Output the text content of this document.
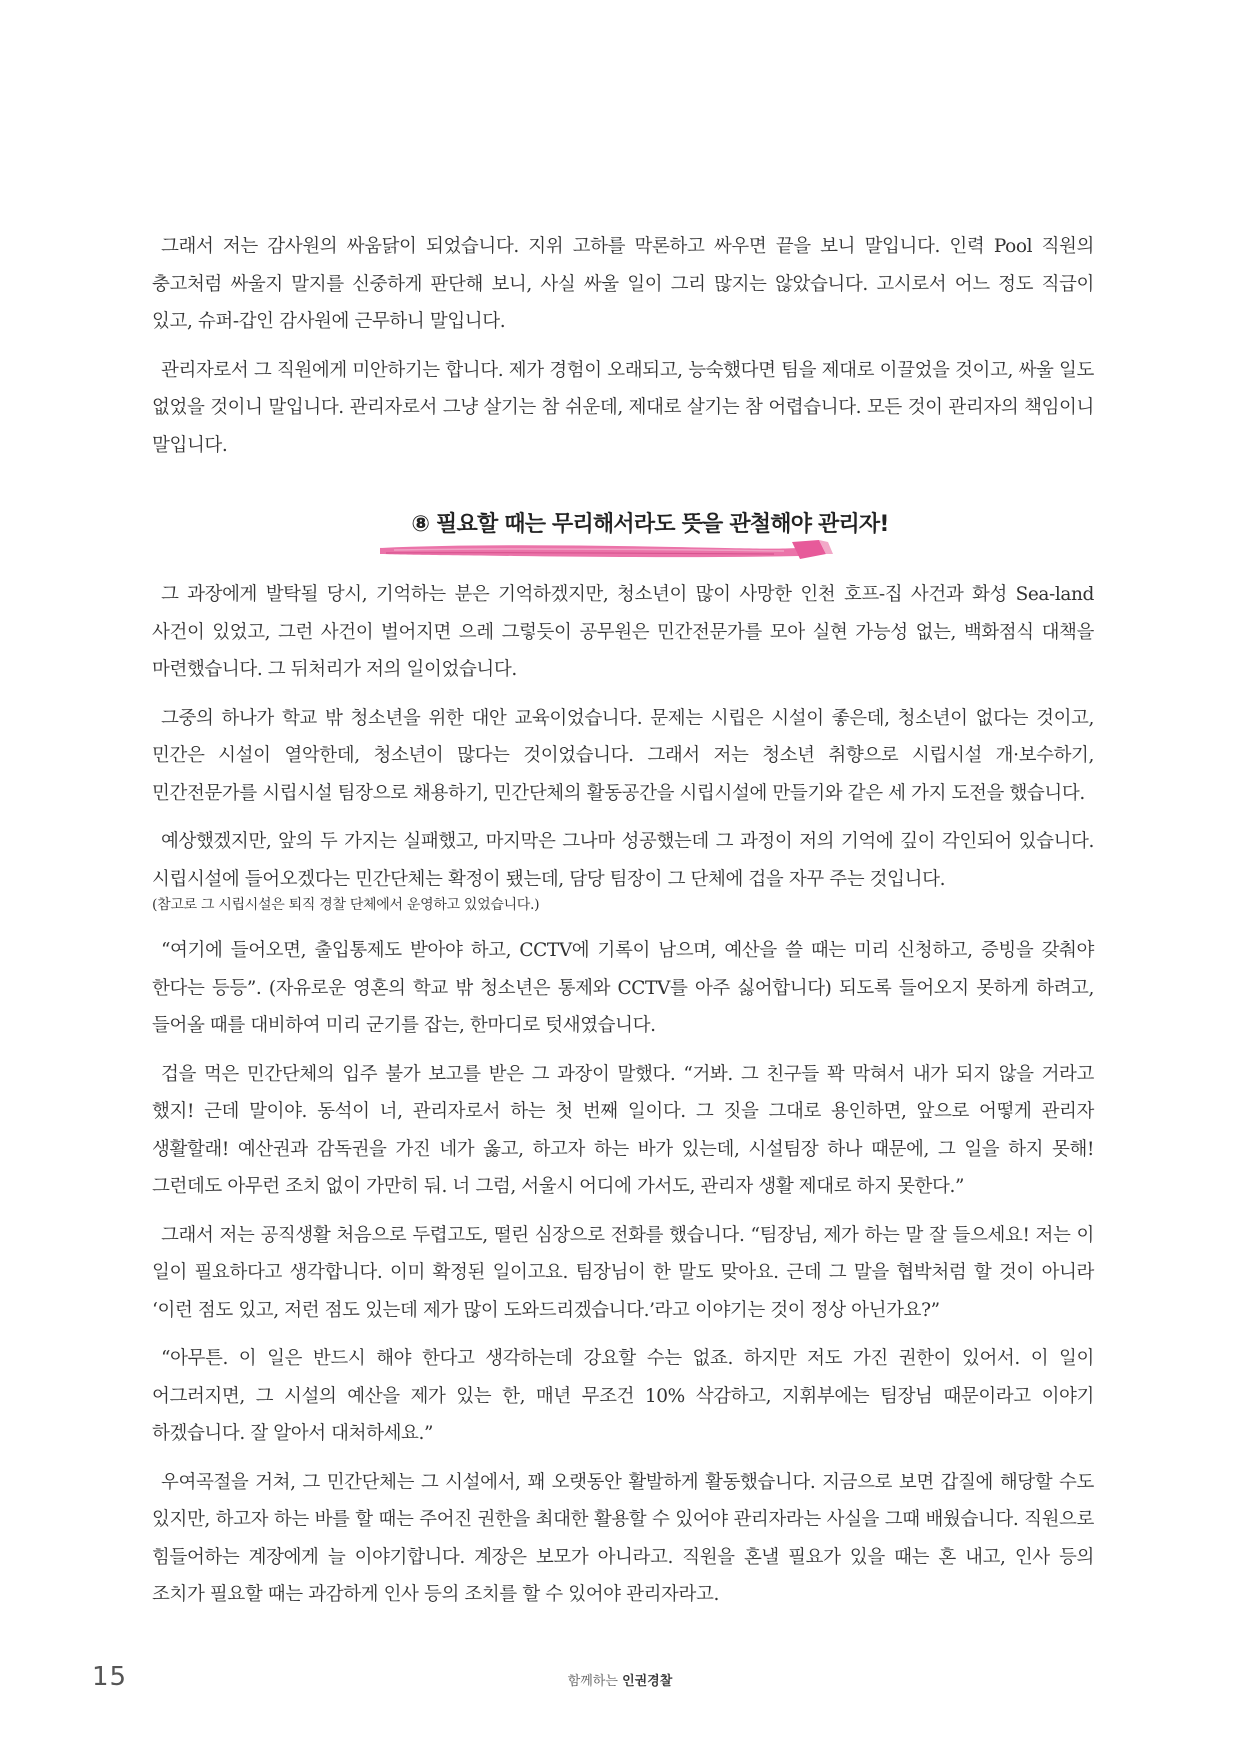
그래서 저는 감사원의 싸움닭이 되었습니다. 지위 고하를 막론하고 싸우면 끝을 보니 말입니다. 인력 Pool 직원의 충고처럼 싸울지 말지를 신중하게 판단해 보니, 사실 싸울 일이 그리 많지는 않았습니다. 고시로서 어느 정도 직급이 있고, 슈퍼-갑인 감사원에 근무하니 말입니다.

관리자로서 그 직원에게 미안하기는 합니다. 제가 경험이 오래되고, 능숙했다면 팀을 제대로 이끌었을 것이고, 싸울 일도 없었을 것이니 말입니다. 관리자로서 그냥 살기는 참 쉬운데, 제대로 살기는 참 어렵습니다. 모든 것이 관리자의 책임이니 말입니다.

⑧ 필요할 때는 무리해서라도 뜻을 관철해야 관리자!

그 과장에게 발탁될 당시, 기억하는 분은 기억하겠지만, 청소년이 많이 사망한 인천 호프-집 사건과 화성 Sea-land 사건이 있었고, 그런 사건이 벌어지면 으레 그렇듯이 공무원은 민간전문가를 모아 실현 가능성 없는, 백화점식 대책을 마련했습니다. 그 뒤처리가 저의 일이었습니다.

그중의 하나가 학교 밖 청소년을 위한 대안 교육이었습니다. 문제는 시립은 시설이 좋은데, 청소년이 없다는 것이고, 민간은 시설이 열악한데, 청소년이 많다는 것이었습니다. 그래서 저는 청소년 취향으로 시립시설 개·보수하기, 민간전문가를 시립시설 팀장으로 채용하기, 민간단체의 활동공간을 시립시설에 만들기와 같은 세 가지 도전을 했습니다.

예상했겠지만, 앞의 두 가지는 실패했고, 마지막은 그나마 성공했는데 그 과정이 저의 기억에 깊이 각인되어 있습니다. 시립시설에 들어오겠다는 민간단체는 확정이 됐는데, 담당 팀장이 그 단체에 겁을 자꾸 주는 것입니다.

(참고로 그 시립시설은 퇴직 경찰 단체에서 운영하고 있었습니다.)

“여기에 들어오면, 출입통제도 받아야 하고, CCTV에 기록이 남으며, 예산을 쓸 때는 미리 신청하고, 증빙을 갖춰야 한다는 등등”. (자유로운 영혼의 학교 밖 청소년은 통제와 CCTV를 아주 싫어합니다) 되도록 들어오지 못하게 하려고, 들어올 때를 대비하여 미리 군기를 잡는, 한마디로 텃새였습니다.

겁을 먹은 민간단체의 입주 불가 보고를 받은 그 과장이 말했다. “거봐. 그 친구들 꽉 막혀서 내가 되지 않을 거라고 했지! 근데 말이야. 동석이 너, 관리자로서 하는 첫 번째 일이다. 그 짓을 그대로 용인하면, 앞으로 어떻게 관리자 생활할래! 예산권과 감독권을 가진 네가 옳고, 하고자 하는 바가 있는데, 시설팀장 하나 때문에, 그 일을 하지 못해! 그런데도 아무런 조치 없이 가만히 둬. 너 그럼, 서울시 어디에 가서도, 관리자 생활 제대로 하지 못한다.”

그래서 저는 공직생활 처음으로 두렵고도, 떨린 심장으로 전화를 했습니다. “팀장님, 제가 하는 말 잘 들으세요! 저는 이 일이 필요하다고 생각합니다. 이미 확정된 일이고요. 팀장님이 한 말도 맞아요. 근데 그 말을 협박처럼 할 것이 아니라 ‘이런 점도 있고, 저런 점도 있는데 제가 많이 도와드리겠습니다.’라고 이야기는 것이 정상 아닌가요?”

“아무튼. 이 일은 반드시 해야 한다고 생각하는데 강요할 수는 없죠. 하지만 저도 가진 권한이 있어서. 이 일이 어그러지면, 그 시설의 예산을 제가 있는 한, 매년 무조건 10% 삭감하고, 지휘부에는 팀장님 때문이라고 이야기 하겠습니다. 잘 알아서 대처하세요.”

우여곡절을 거쳐, 그 민간단체는 그 시설에서, 꽤 오랫동안 활발하게 활동했습니다. 지금으로 보면 갑질에 해당할 수도 있지만, 하고자 하는 바를 할 때는 주어진 권한을 최대한 활용할 수 있어야 관리자라는 사실을 그때 배웠습니다. 직원으로 힘들어하는 계장에게 늘 이야기합니다. 계장은 보모가 아니라고. 직원을 혼낼 필요가 있을 때는 혼 내고, 인사 등의 조치가 필요할 때는 과감하게 인사 등의 조치를 할 수 있어야 관리자라고.

15	함께하는 인권경찰
